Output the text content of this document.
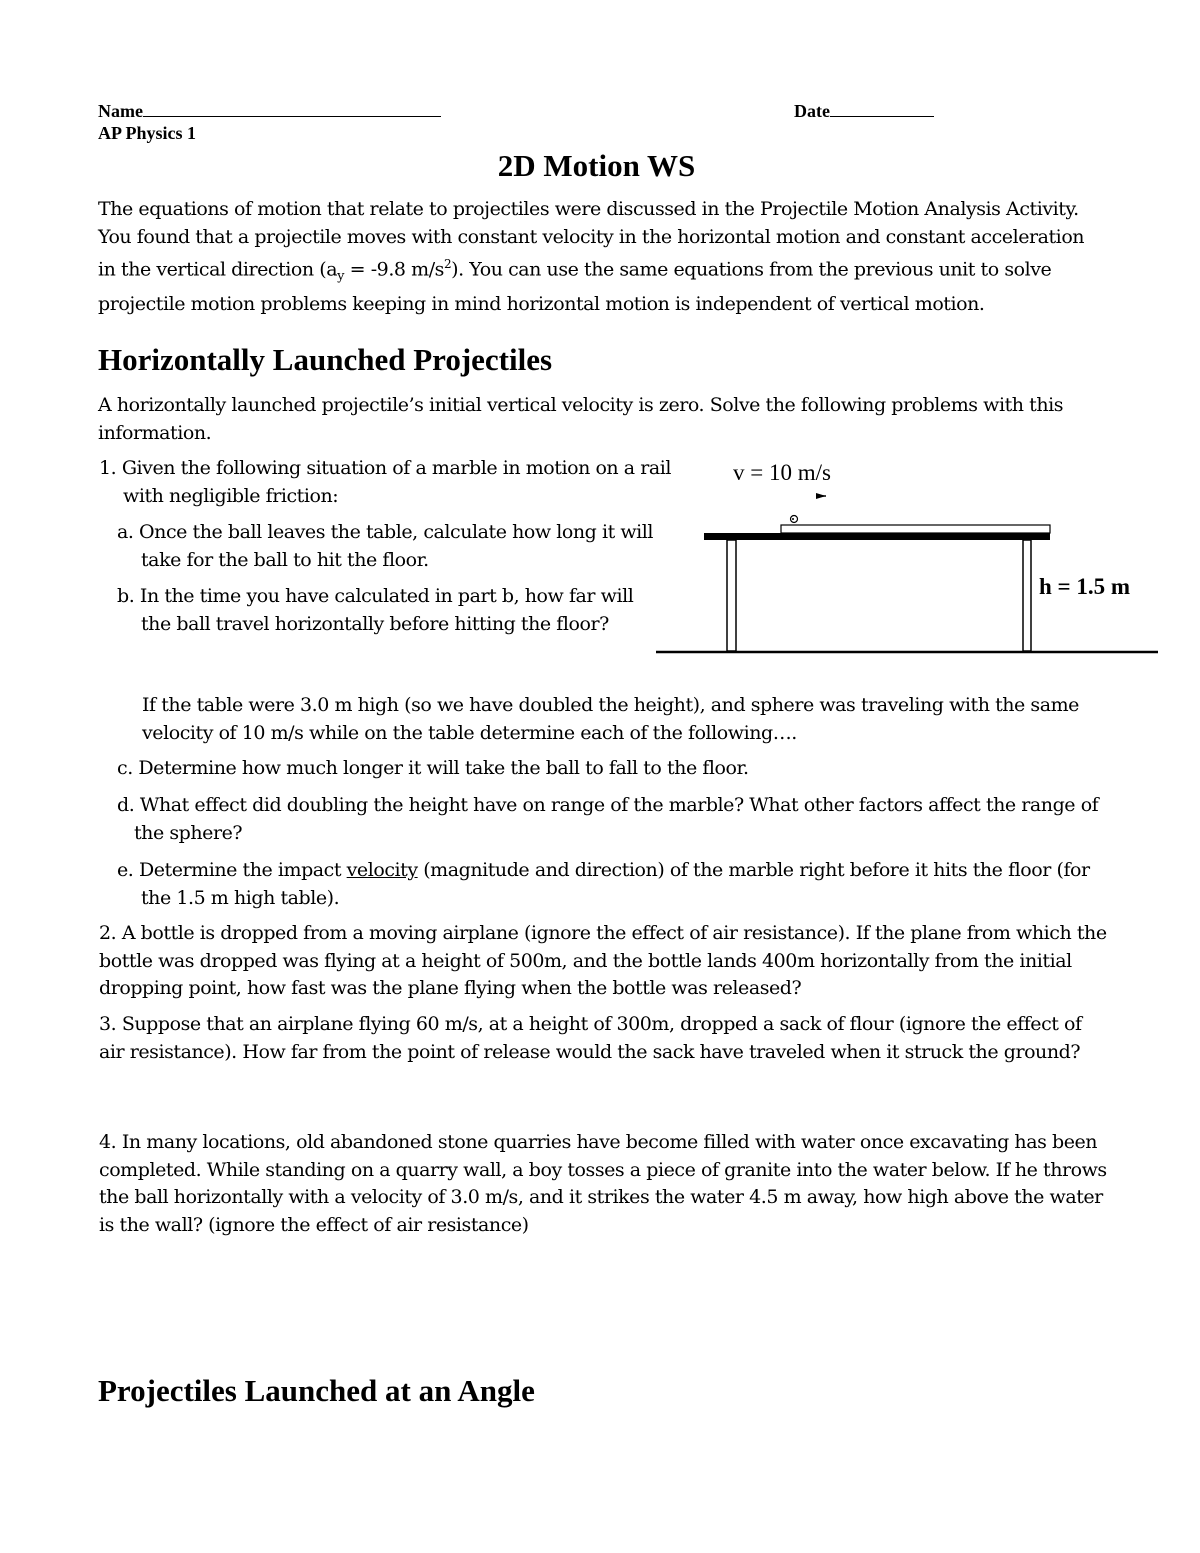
Name	Date
AP Physics 1
2D Motion WS
The equations of motion that relate to projectiles were discussed in the Projectile Motion Analysis Activity. You found that a projectile moves with constant velocity in the horizontal motion and constant acceleration in the vertical direction ($a_y = -9.8$ $m/s^2$). You can use the same equations from the previous unit to solve projectile motion problems keeping in mind horizontal motion is independent of vertical motion.
Horizontally Launched Projectiles
A horizontally launched projectile’s initial vertical velocity is zero. Solve the following problems with this information.
1. Given the following situation of a marble in motion on a rail with negligible friction:
a. Once the ball leaves the table, calculate how long it will take for the ball to hit the floor.
b. In the time you have calculated in part b, how far will the ball travel horizontally before hitting the floor?
If the table were 3.0 m high (so we have doubled the height), and sphere was traveling with the same velocity of 10 m/s while on the table determine each of the following….
c. Determine how much longer it will take the ball to fall to the floor.
d. What effect did doubling the height have on range of the marble? What other factors affect the range of the sphere?
e. Determine the impact velocity (magnitude and direction) of the marble right before it hits the floor (for the 1.5 m high table).
v = 10 m/s
h = 1.5 m
2. A bottle is dropped from a moving airplane (ignore the effect of air resistance). If the plane from which the bottle was dropped was flying at a height of 500m, and the bottle lands 400m horizontally from the initial dropping point, how fast was the plane flying when the bottle was released?
3. Suppose that an airplane flying 60 m/s, at a height of 300m, dropped a sack of flour (ignore the effect of air resistance). How far from the point of release would the sack have traveled when it struck the ground?
4. In many locations, old abandoned stone quarries have become filled with water once excavating has been completed. While standing on a quarry wall, a boy tosses a piece of granite into the water below. If he throws the ball horizontally with a velocity of 3.0 m/s, and it strikes the water 4.5 m away, how high above the water is the wall? (ignore the effect of air resistance)
Projectiles Launched at an Angle
